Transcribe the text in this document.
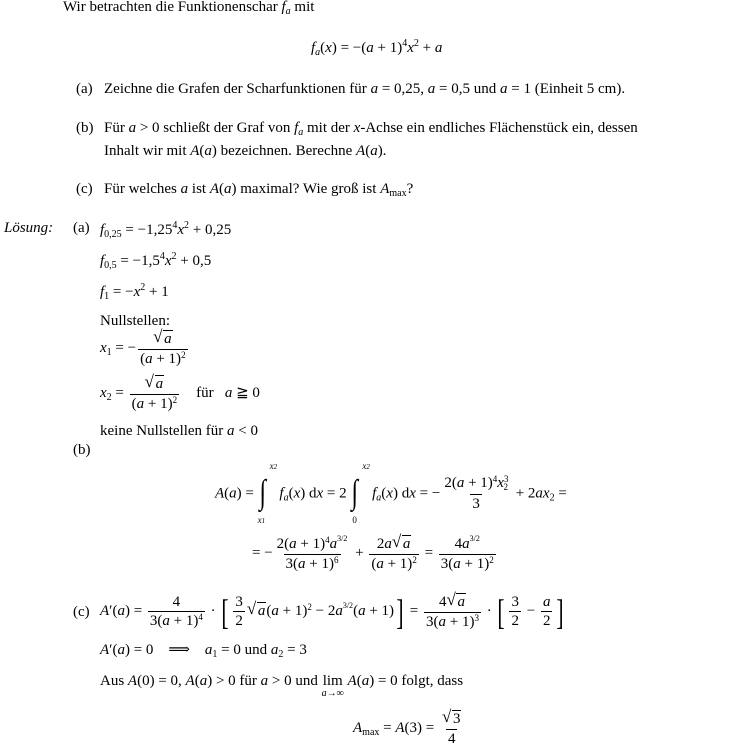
Wir betrachten die Funktionenschar $f_a$ mit
$f_a(x) = -(a + 1)^4x^2 + a$
(a) Zeichne die Grafen der Scharfunktionen für a = 0,25, a = 0,5 und a = 1 (Einheit 5 cm).
(b) Für a > 0 schließt der Graf von $f_a$ mit der x-Achse ein endliches Flächenstück ein, dessen
Inhalt wir mit A(a) bezeichnen. Berechne A(a).
(c) Für welches a ist A(a) maximal? Wie groß ist $A_{max}$?
Lösung: (a) $f_{0,25} = -1,25^4x^2 + 0,25$
$f_{0,5} = -1,5^4x^2 + 0,5$
$f_1 = -x^2 + 1$
Nullstellen:
$x_1$ = − √ $\frac{a}{(a + 1)^2}$
$x_2$ = √ $\frac{a}{(a + 1)^2}$ für a ≧ 0
keine Nullstellen für a < 0
(b)
A(a) = ∫
x2
x1
$f_a(x)$ dx = 2 ∫
x2
0
$f_a(x)$ dx = − $\frac{2(a + 1)^4x^3_2}{3} + 2ax_2$ =
= − $\frac{2(a + 1)^4a^{3/2}}{3(a + 1)^6} + \frac{2a √ a}{(a + 1)^2} = \frac{4a^{3/2}}{3(a + 1)^2}$
(c) $A'(a) = \frac{4}{3(a + 1)^4}$ · [ $\frac{3}{2}$ √ $a(a + 1)^2 - 2a^{3/2}(a + 1)] = \frac{4 √ a}{3(a + 1)^3}$ · [ $\frac{3}{2} - \frac{a}{2}$ ]
A′(a) = 0    ⟹    $a_1 = 0$ und $a_2 = 3$
Aus A(0) = 0, A(a) > 0 für a > 0 und lim
a→∞
A(a) = 0 folgt, dass
$A_{max} = A(3)$ = √ $\frac{3}{4}$
